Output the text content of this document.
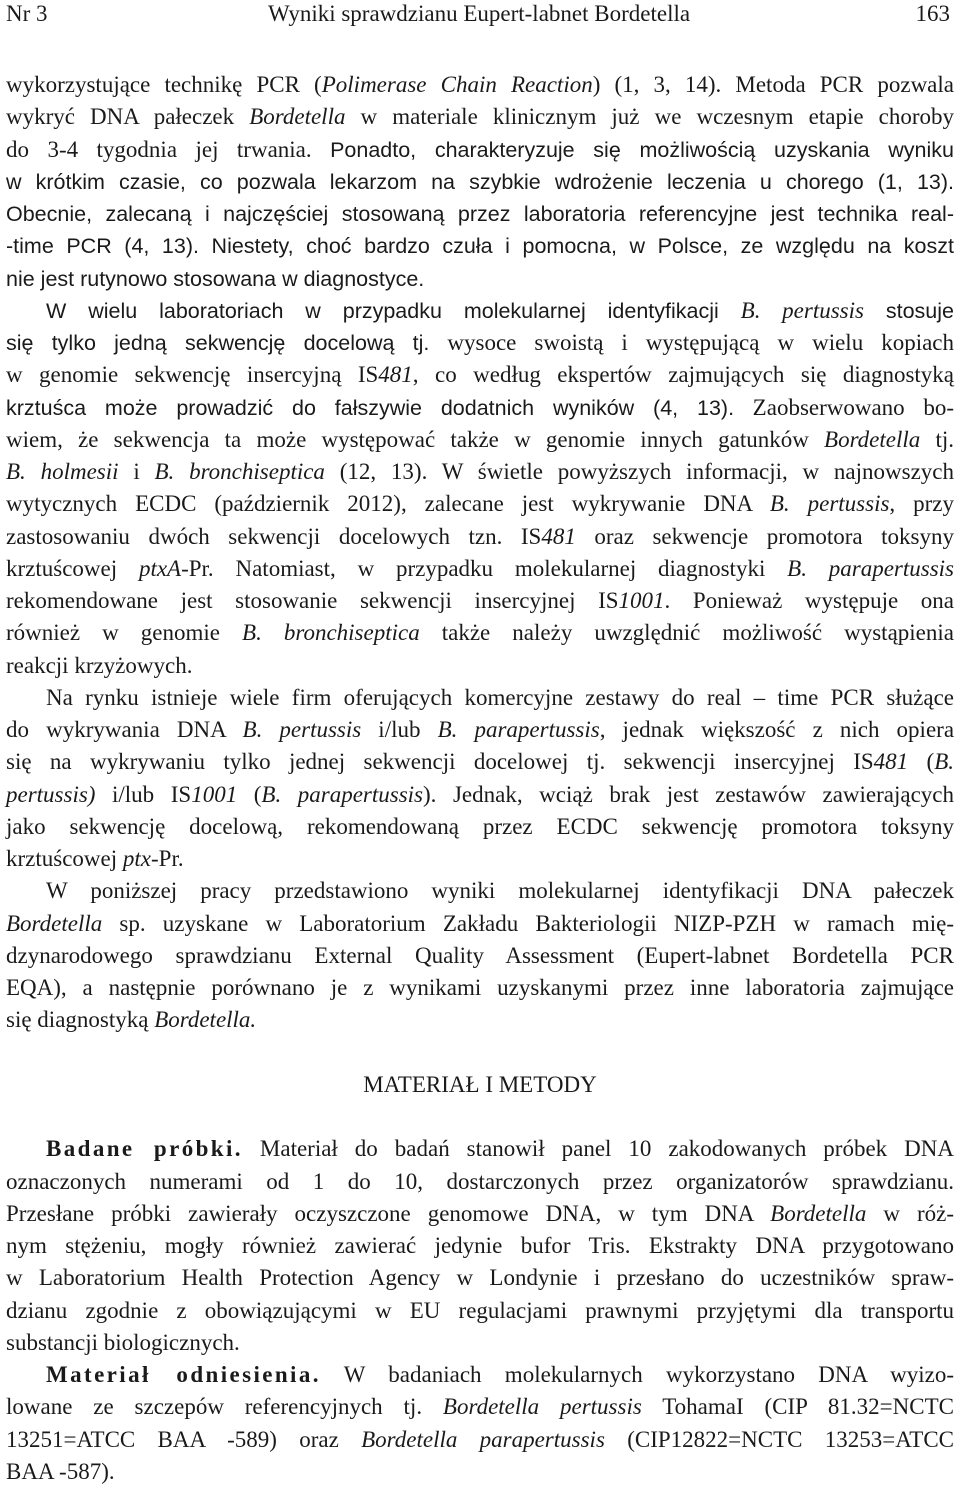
Nr 3	Wyniki sprawdzianu Eupert-labnet Bordetella	163
wykorzystujące technikę PCR (Polimerase Chain Reaction) (1, 3, 14). Metoda PCR pozwala
wykryć DNA pałeczek Bordetella w materiale klinicznym już we wczesnym etapie choroby
do 3-4 tygodnia jej trwania. Ponadto, charakteryzuje się możliwością uzyskania wyniku
w krótkim czasie, co pozwala lekarzom na szybkie wdrożenie leczenia u chorego (1, 13).
Obecnie, zalecaną i najczęściej stosowaną przez laboratoria referencyjne jest technika real-
-time PCR (4, 13). Niestety, choć bardzo czuła i pomocna, w Polsce, ze względu na koszt
nie jest rutynowo stosowana w diagnostyce.
W wielu laboratoriach w przypadku molekularnej identyfikacji B. pertussis stosuje
się tylko jedną sekwencję docelową tj. wysoce swoistą i występującą w wielu kopiach
w genomie sekwencję insercyjną IS481, co według ekspertów zajmujących się diagnostyką
krztuśca może prowadzić do fałszywie dodatnich wyników (4, 13). Zaobserwowano bo-
wiem, że sekwencja ta może występować także w genomie innych gatunków Bordetella tj.
B. holmesii i B. bronchiseptica (12, 13). W świetle powyższych informacji, w najnowszych
wytycznych ECDC (październik 2012), zalecane jest wykrywanie DNA B. pertussis, przy
zastosowaniu dwóch sekwencji docelowych tzn. IS481 oraz sekwencje promotora toksyny
krztuścowej ptxA-Pr. Natomiast, w przypadku molekularnej diagnostyki B. parapertussis
rekomendowane jest stosowanie sekwencji insercyjnej IS1001. Ponieważ występuje ona
również w genomie B. bronchiseptica także należy uwzględnić możliwość wystąpienia
reakcji krzyżowych.
Na rynku istnieje wiele firm oferujących komercyjne zestawy do real – time PCR służące
do wykrywania DNA B. pertussis i/lub B. parapertussis, jednak większość z nich opiera
się na wykrywaniu tylko jednej sekwencji docelowej tj. sekwencji insercyjnej IS481 (B.
pertussis) i/lub IS1001 (B. parapertussis). Jednak, wciąż brak jest zestawów zawierających
jako sekwencję docelową, rekomendowaną przez ECDC sekwencję promotora toksyny
krztuścowej ptx-Pr.
W poniższej pracy przedstawiono wyniki molekularnej identyfikacji DNA pałeczek
Bordetella sp. uzyskane w Laboratorium Zakładu Bakteriologii NIZP-PZH w ramach mię-
dzynarodowego sprawdzianu External Quality Assessment (Eupert-labnet Bordetella PCR
EQA), a następnie porównano je z wynikami uzyskanymi przez inne laboratoria zajmujące
się diagnostyką Bordetella.
MATERIAŁ I METODY
Badane próbki. Materiał do badań stanowił panel 10 zakodowanych próbek DNA
oznaczonych numerami od 1 do 10, dostarczonych przez organizatorów sprawdzianu.
Przesłane próbki zawierały oczyszczone genomowe DNA, w tym DNA Bordetella w róż-
nym stężeniu, mogły również zawierać jedynie bufor Tris. Ekstrakty DNA przygotowano
w Laboratorium Health Protection Agency w Londynie i przesłano do uczestników spraw-
dzianu zgodnie z obowiązującymi w EU regulacjami prawnymi przyjętymi dla transportu
substancji biologicznych.
Materiał odniesienia. W badaniach molekularnych wykorzystano DNA wyizo-
lowane ze szczepów referencyjnych tj. Bordetella pertussis TohamaI (CIP 81.32=NCTC
13251=ATCC BAA -589) oraz Bordetella parapertussis (CIP12822=NCTC 13253=ATCC
BAA -587).
